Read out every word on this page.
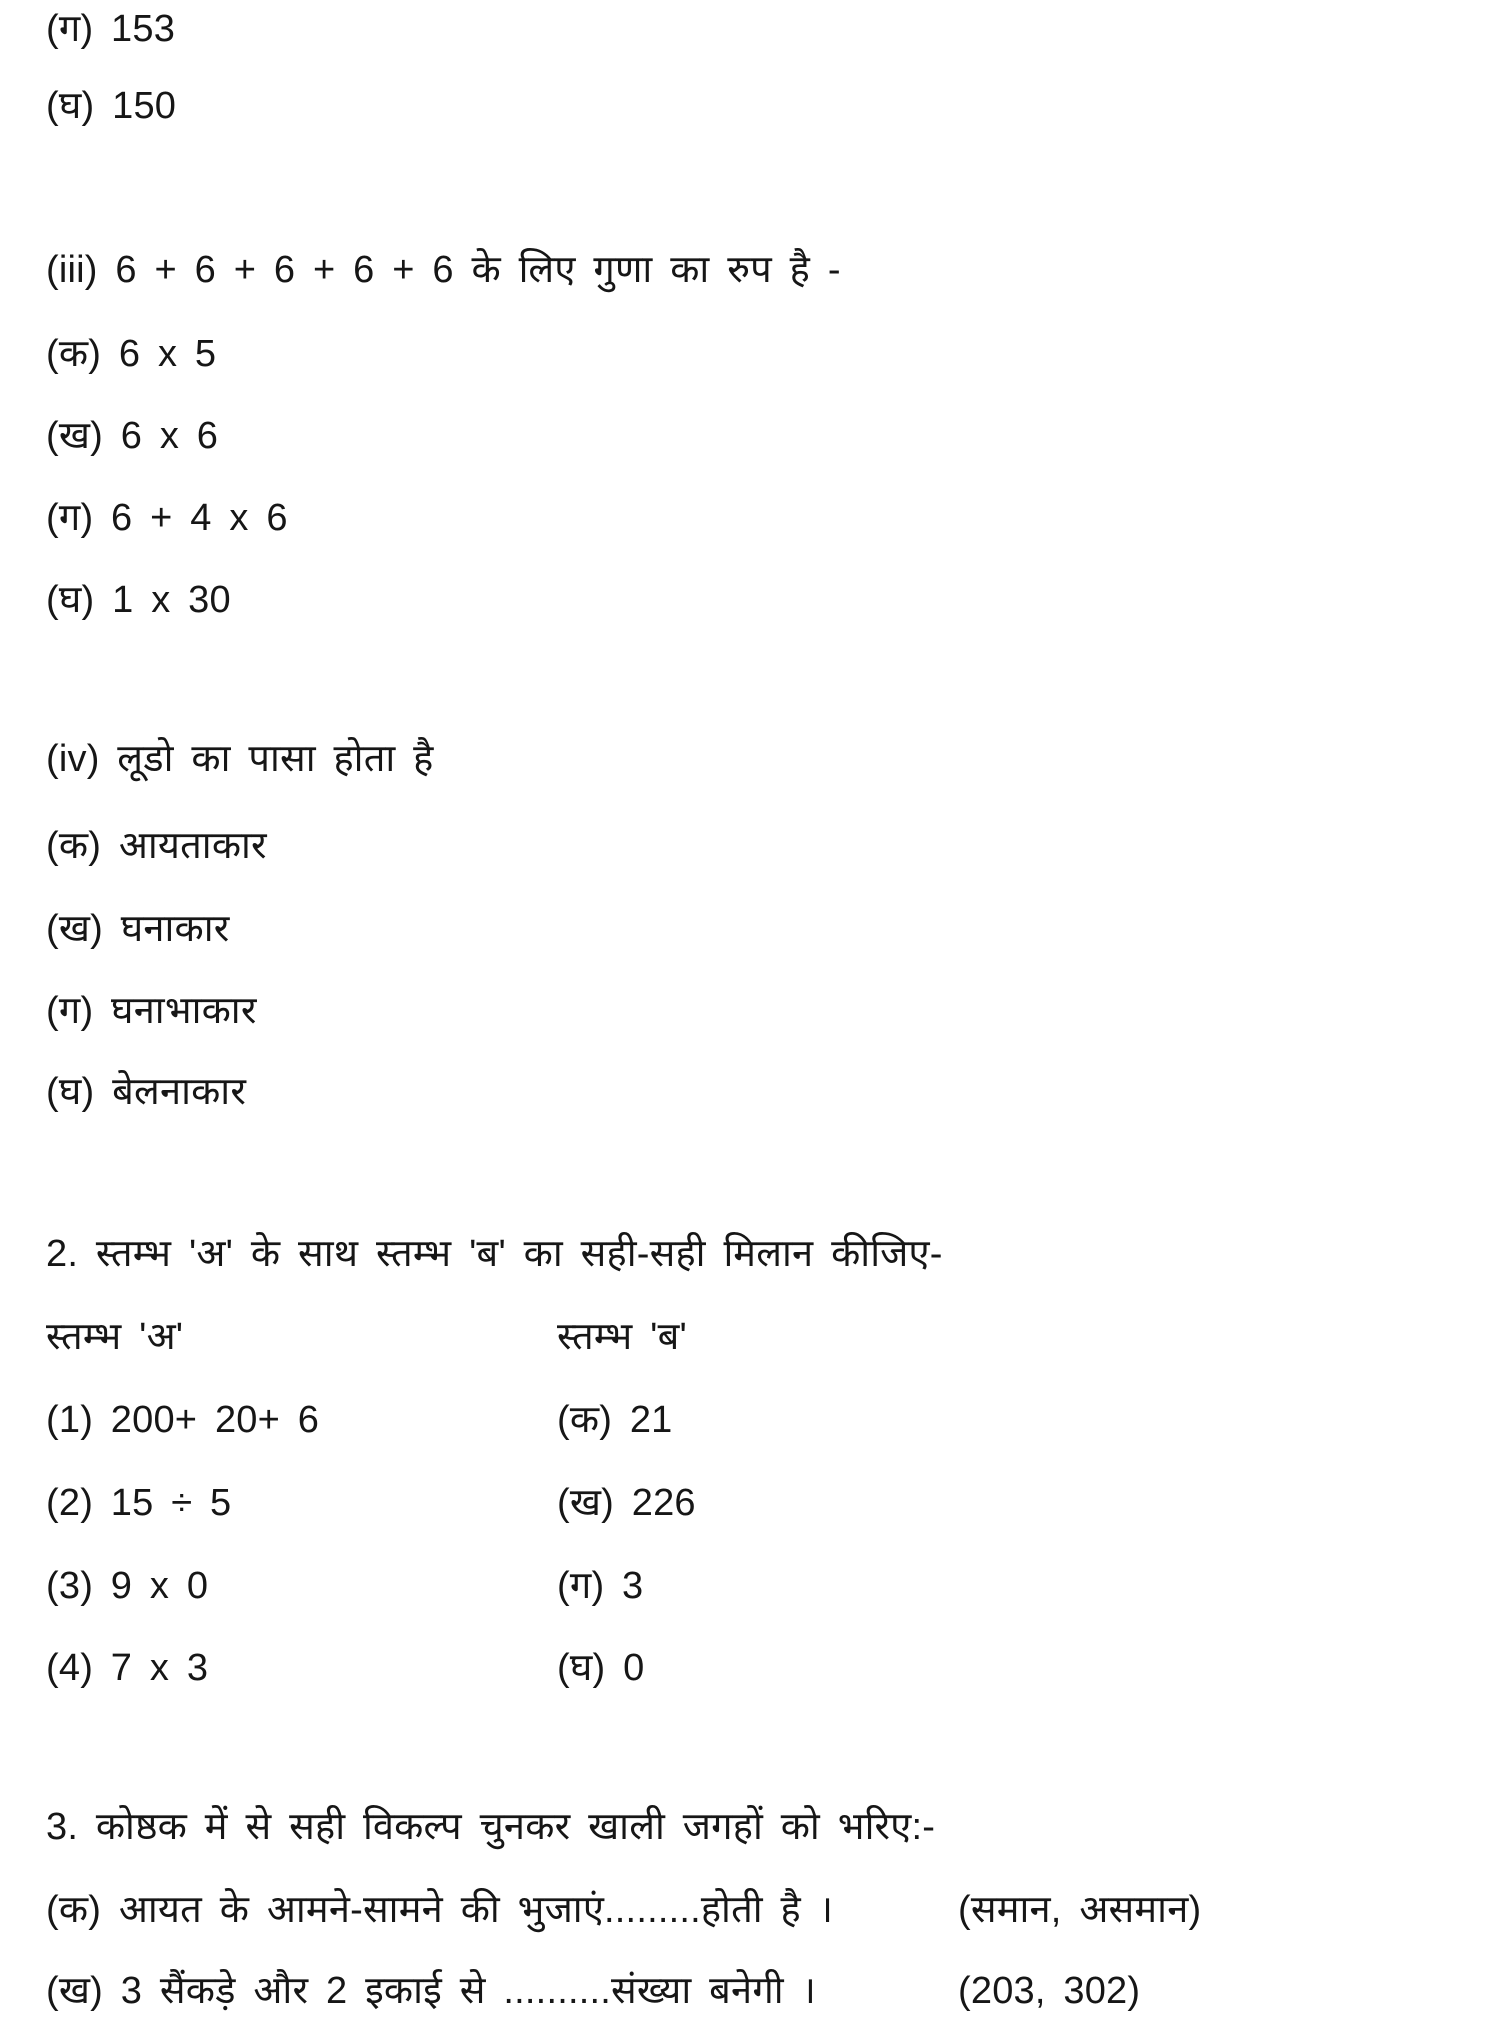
(ग) 153
(घ) 150
(iii) 6 + 6 + 6 + 6 + 6 के लिए गुणा का रुप है -
(क) 6 x 5
(ख) 6 x 6
(ग) 6 + 4 x 6
(घ) 1 x 30
(iv) लूडो का पासा होता है
(क) आयताकार
(ख) घनाकार
(ग) घनाभाकार
(घ) बेलनाकार
2. स्तम्भ 'अ' के साथ स्तम्भ 'ब' का सही-सही मिलान कीजिए-
स्तम्भ 'अ'	स्तम्भ 'ब'
(1) 200+ 20+ 6	(क) 21
(2) 15 ÷ 5	(ख) 226
(3) 9 x 0	(ग) 3
(4) 7 x 3	(घ) 0
3. कोष्ठक में से सही विकल्प चुनकर खाली जगहों को भरिए:-
(क) आयत के आमने-सामने की भुजाएं.........होती है ।	(समान, असमान)
(ख) 3 सैंकड़े और 2 इकाई से ..........संख्या बनेगी ।	(203, 302)
